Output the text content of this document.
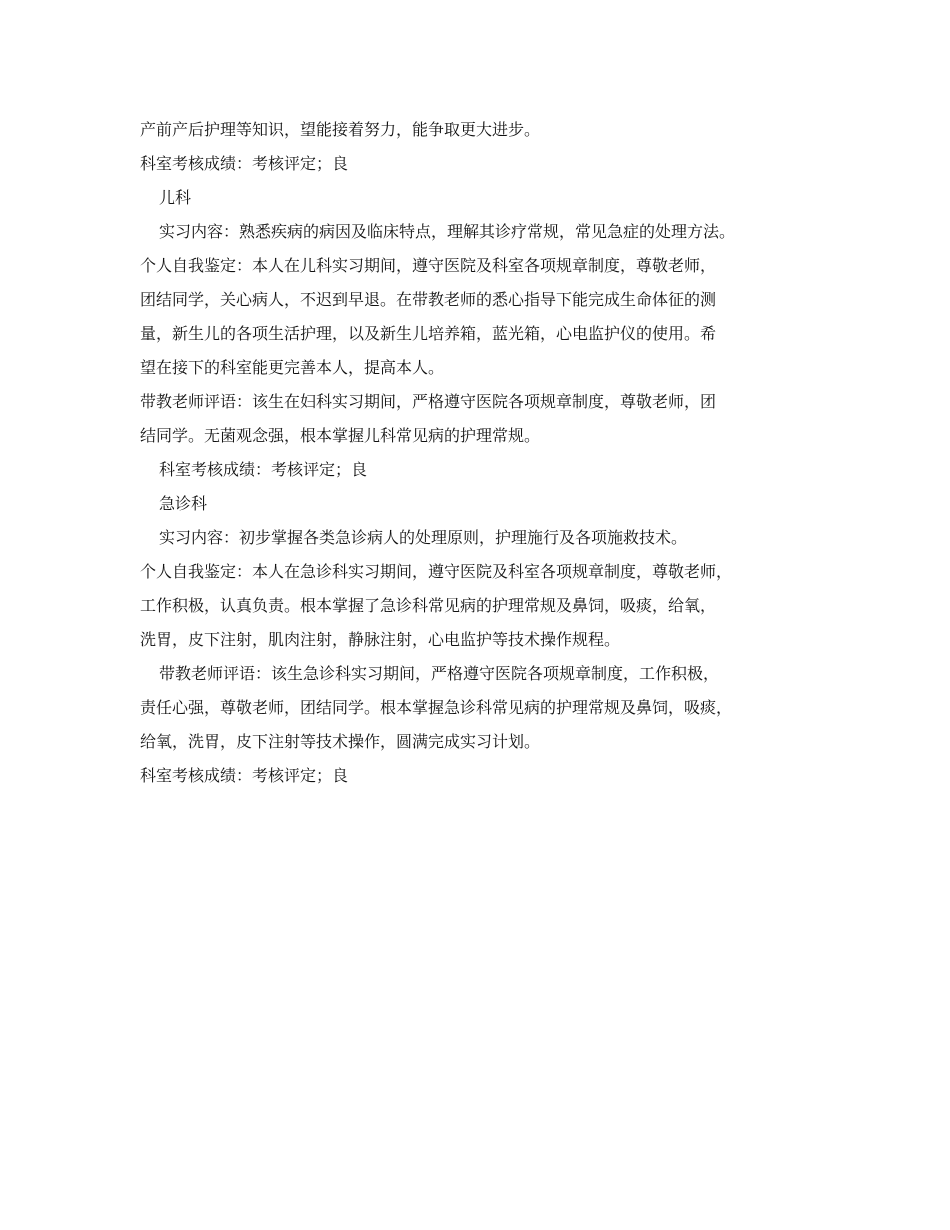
产前产后护理等知识，望能接着努力，能争取更大进步。
科室考核成绩：考核评定；良
儿科
实习内容：熟悉疾病的病因及临床特点，理解其诊疗常规，常见急症的处理方法。
个人自我鉴定：本人在儿科实习期间，遵守医院及科室各项规章制度，尊敬老师，
团结同学，关心病人，不迟到早退。在带教老师的悉心指导下能完成生命体征的测
量，新生儿的各项生活护理，以及新生儿培养箱，蓝光箱，心电监护仪的使用。希
望在接下的科室能更完善本人，提高本人。
带教老师评语：该生在妇科实习期间，严格遵守医院各项规章制度，尊敬老师，团
结同学。无菌观念强，根本掌握儿科常见病的护理常规。
科室考核成绩：考核评定；良
急诊科
实习内容：初步掌握各类急诊病人的处理原则，护理施行及各项施救技术。
个人自我鉴定：本人在急诊科实习期间，遵守医院及科室各项规章制度，尊敬老师，
工作积极，认真负责。根本掌握了急诊科常见病的护理常规及鼻饲，吸痰，给氧，
洗胃，皮下注射，肌肉注射，静脉注射，心电监护等技术操作规程。
带教老师评语：该生急诊科实习期间，严格遵守医院各项规章制度，工作积极，
责任心强，尊敬老师，团结同学。根本掌握急诊科常见病的护理常规及鼻饲，吸痰，
给氧，洗胃，皮下注射等技术操作，圆满完成实习计划。
科室考核成绩：考核评定；良
